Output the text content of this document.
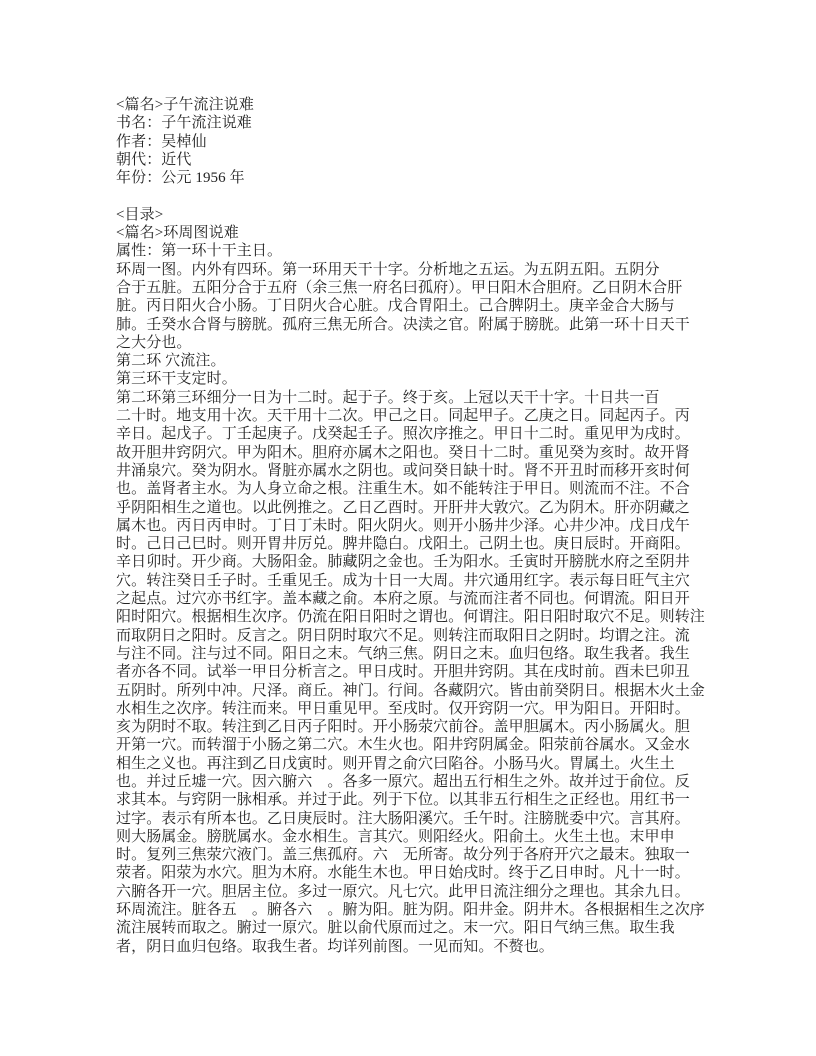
<篇名>子午流注说难
书名：子午流注说难
作者：吴棹仙
朝代：近代
年份：公元 1956 年
<目录>
<篇名>环周图说难
属性：第一环十干主日。
环周一图。内外有四环。第一环用天干十字。分析地之五运。为五阴五阳。五阴分
合于五脏。五阳分合于五府（余三焦一府名曰孤府）。甲日阳木合胆府。乙日阴木合肝
脏。丙日阳火合小肠。丁日阴火合心脏。戊合胃阳土。己合脾阴土。庚辛金合大肠与
肺。壬癸水合肾与膀胱。孤府三焦无所合。决渎之官。附属于膀胱。此第一环十日天干
之大分也。
第二环 穴流注。
第三环干支定时。
第二环第三环细分一日为十二时。起于子。终于亥。上冠以天干十字。十日共一百
二十时。地支用十次。天干用十二次。甲己之日。同起甲子。乙庚之日。同起丙子。丙
辛日。起戊子。丁壬起庚子。戊癸起壬子。照次序推之。甲日十二时。重见甲为戌时。
故开胆井窍阴穴。甲为阳木。胆府亦属木之阳也。癸日十二时。重见癸为亥时。故开肾
井涌泉穴。癸为阴水。肾脏亦属水之阴也。或问癸日缺十时。肾不开丑时而移开亥时何
也。盖肾者主水。为人身立命之根。注重生木。如不能转注于甲日。则流而不注。不合
乎阴阳相生之道也。以此例推之。乙日乙酉时。开肝井大敦穴。乙为阴木。肝亦阴藏之
属木也。丙日丙申时。丁日丁未时。阳火阴火。则开小肠井少泽。心井少冲。戊日戊午
时。己日己巳时。则开胃井厉兑。脾井隐白。戊阳土。己阴土也。庚日辰时。开商阳。
辛日卯时。开少商。大肠阳金。肺藏阴之金也。壬为阳水。壬寅时开膀胱水府之至阴井
穴。转注癸日壬子时。壬重见壬。成为十日一大周。井穴通用红字。表示每日旺气主穴
之起点。过穴亦书红字。盖本藏之俞。本府之原。与流而注者不同也。何谓流。阳日开
阳时阳穴。根据相生次序。仍流在阳日阳时之谓也。何谓注。阳日阳时取穴不足。则转注
而取阴日之阳时。反言之。阴日阴时取穴不足。则转注而取阳日之阴时。均谓之注。流
与注不同。注与过不同。阳日之末。气纳三焦。阴日之末。血归包络。取生我者。我生
者亦各不同。试举一甲日分析言之。甲日戌时。开胆井窍阴。其在戌时前。酉未巳卯丑
五阴时。所列中冲。尺泽。商丘。神门。行间。各藏阴穴。皆由前癸阴日。根据木火土金
水相生之次序。转注而来。甲日重见甲。至戌时。仅开窍阴一穴。甲为阳日。开阳时。
亥为阴时不取。转注到乙日丙子阳时。开小肠荥穴前谷。盖甲胆属木。丙小肠属火。胆
开第一穴。而转溜于小肠之第二穴。木生火也。阳井窍阴属金。阳荥前谷属水。又金水
相生之义也。再注到乙日戊寅时。则开胃之俞穴曰陷谷。小肠马火。胃属土。火生土
也。并过丘墟一穴。因六腑六　。各多一原穴。超出五行相生之外。故并过于俞位。反
求其本。与窍阴一脉相承。并过于此。列于下位。以其非五行相生之正经也。用红书一
过字。表示有所本也。乙日庚辰时。注大肠阳溪穴。壬午时。注膀胱委中穴。言其府。
则大肠属金。膀胱属水。金水相生。言其穴。则阳经火。阳俞土。火生土也。末甲申
时。复列三焦荥穴液门。盖三焦孤府。六　无所寄。故分列于各府开穴之最末。独取一
荥者。阳荥为水穴。胆为木府。水能生木也。甲日始戌时。终于乙日申时。凡十一时。
六腑各开一穴。胆居主位。多过一原穴。凡七穴。此甲日流注细分之理也。其余九日。
环周流注。脏各五　。腑各六　。腑为阳。脏为阴。阳井金。阴井木。各根据相生之次序
流注展转而取之。腑过一原穴。脏以俞代原而过之。末一穴。阳日气纳三焦。取生我
者，阴日血归包络。取我生者。均详列前图。一见而知。不赘也。
